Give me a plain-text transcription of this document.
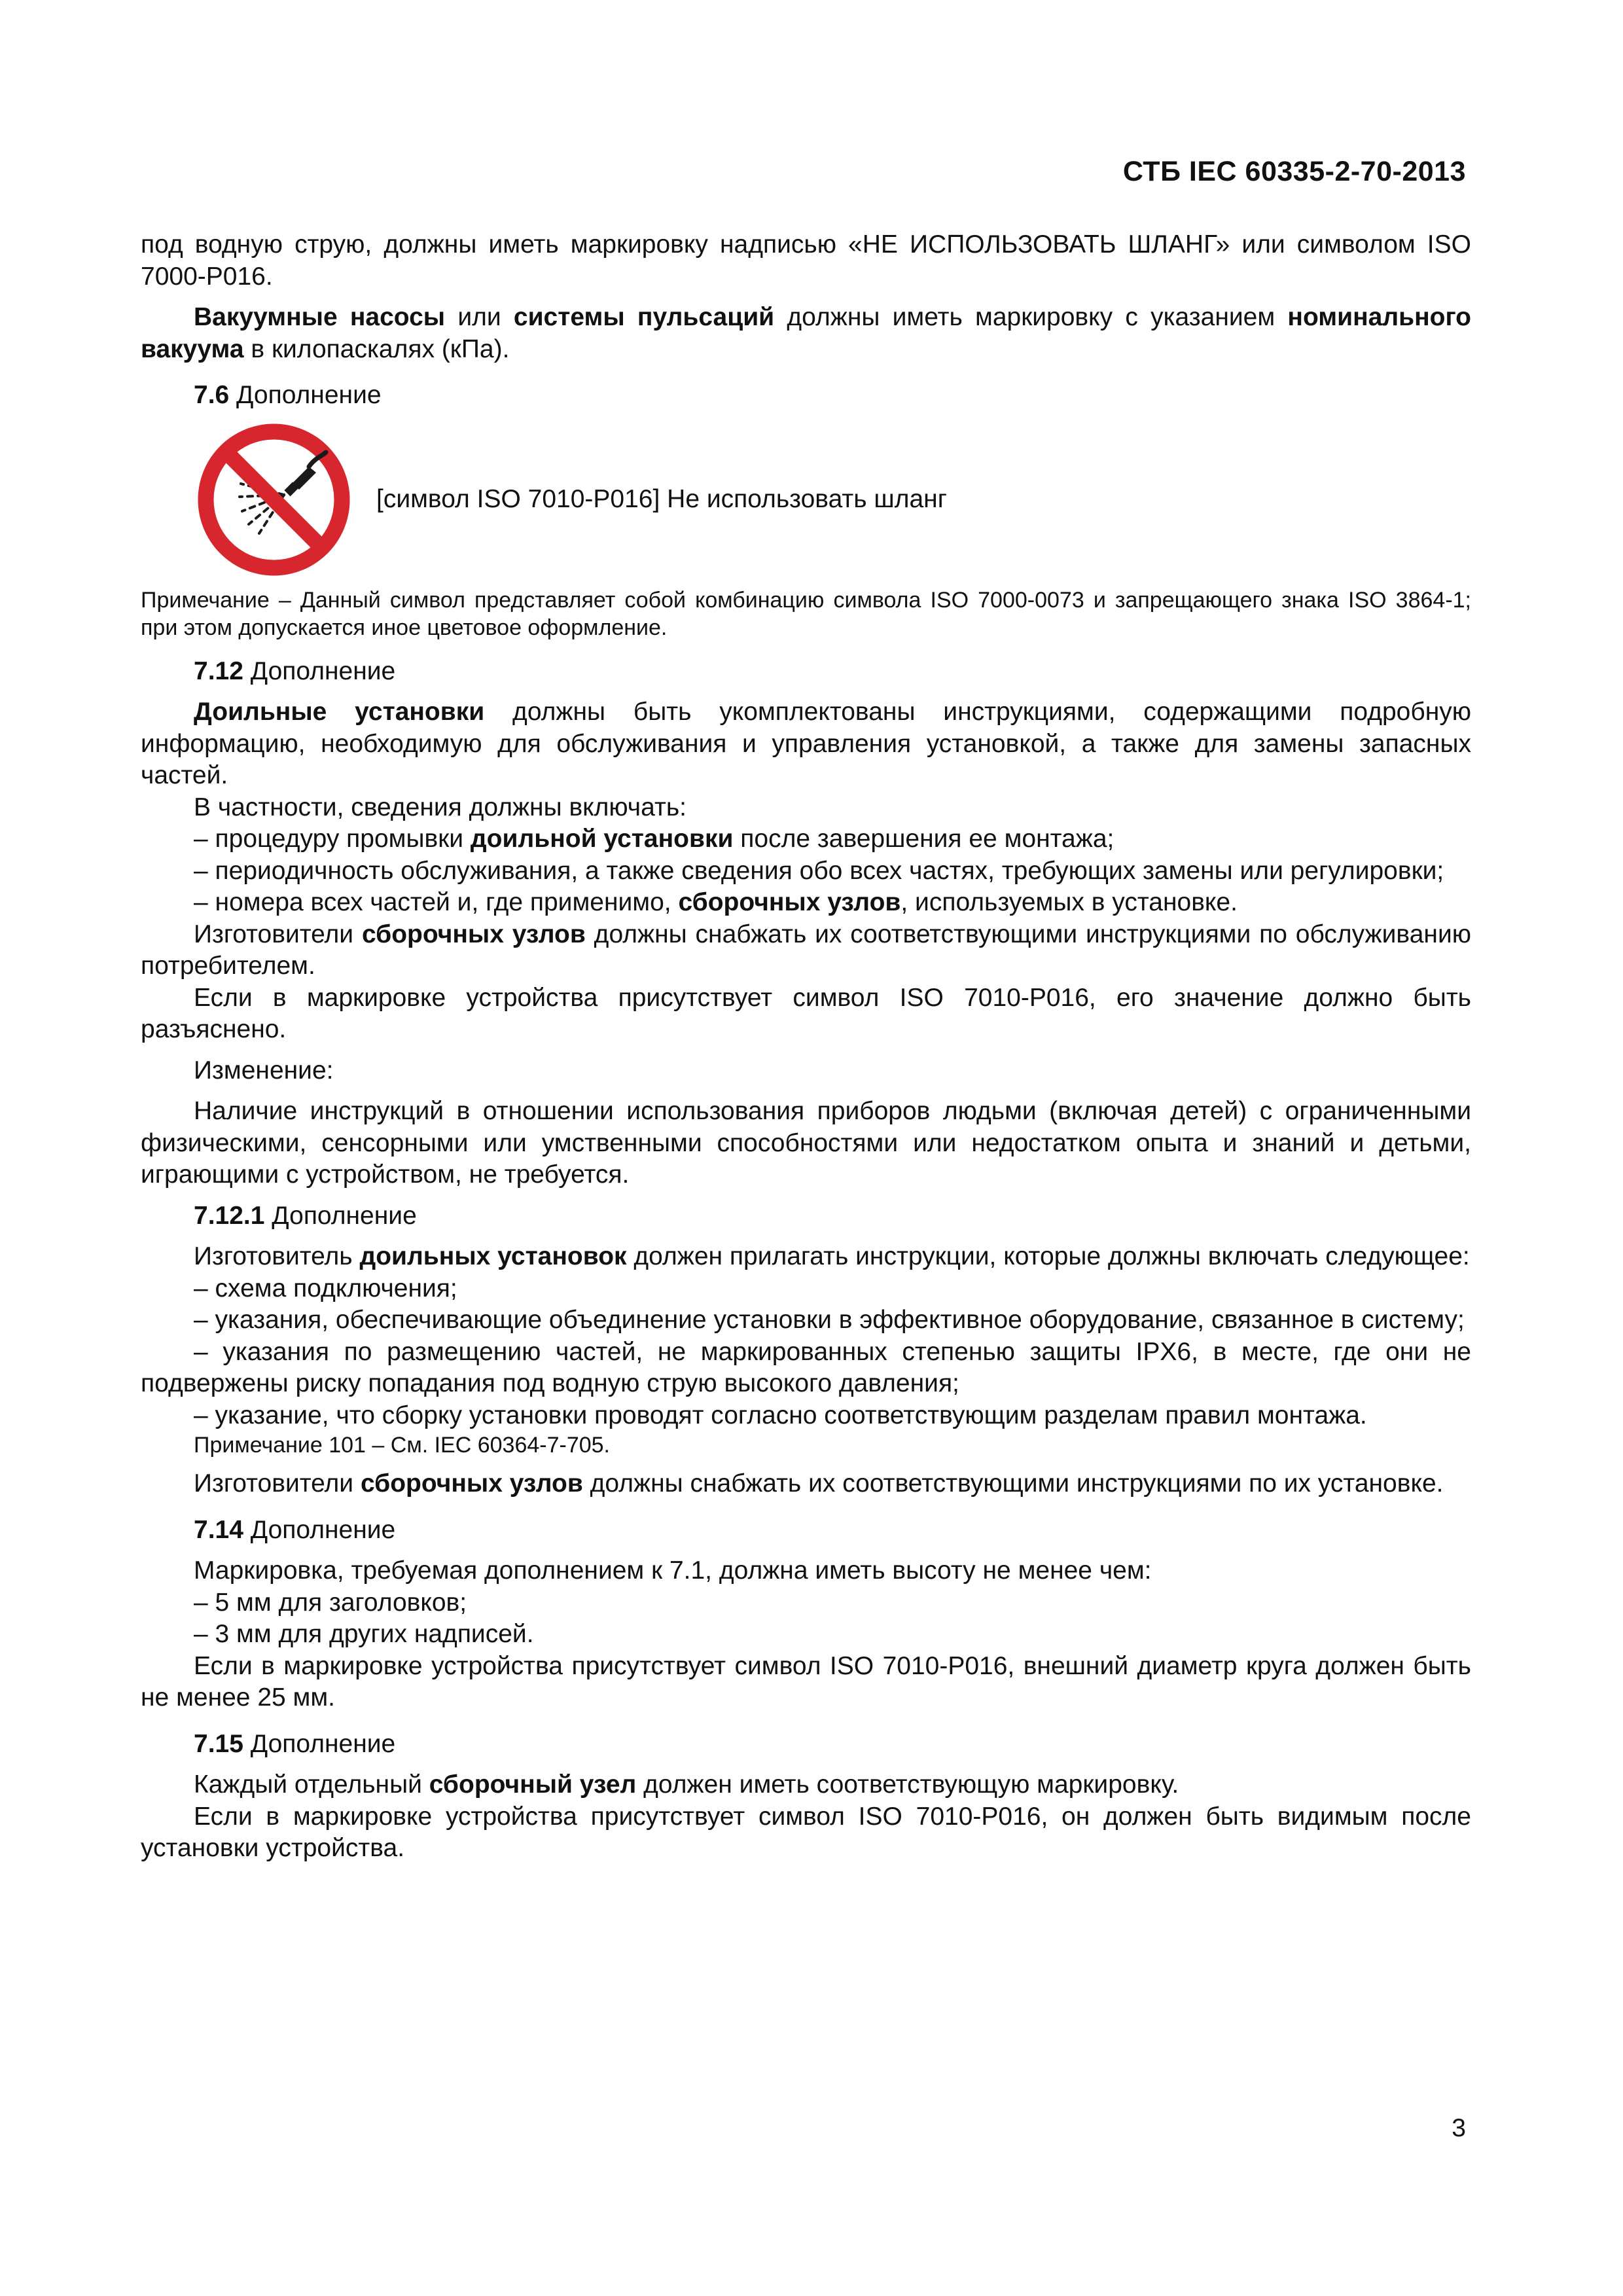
СТБ IEC 60335-2-70-2013

под водную струю, должны иметь маркировку надписью «НЕ ИСПОЛЬЗОВАТЬ ШЛАНГ» или символом ISO 7000-P016.

Вакуумные насосы или системы пульсаций должны иметь маркировку с указанием номинального вакуума в килопаскалях (кПа).

7.6 Дополнение

[символ ISO 7010-P016] Не использовать шланг

Примечание – Данный символ представляет собой комбинацию символа ISO 7000-0073 и запрещающего знака ISO 3864-1; при этом допускается иное цветовое оформление.

7.12 Дополнение

Доильные установки должны быть укомплектованы инструкциями, содержащими подробную информацию, необходимую для обслуживания и управления установкой, а также для замены запасных частей.

В частности, сведения должны включать:

– процедуру промывки доильной установки после завершения ее монтажа;

– периодичность обслуживания, а также сведения обо всех частях, требующих замены или регулировки;

– номера всех частей и, где применимо, сборочных узлов, используемых в установке.

Изготовители сборочных узлов должны снабжать их соответствующими инструкциями по обслуживанию потребителем.

Если в маркировке устройства присутствует символ ISO 7010-P016, его значение должно быть разъяснено.

Изменение:

Наличие инструкций в отношении использования приборов людьми (включая детей) с ограниченными физическими, сенсорными или умственными способностями или недостатком опыта и знаний и детьми, играющими с устройством, не требуется.

7.12.1 Дополнение

Изготовитель доильных установок должен прилагать инструкции, которые должны включать следующее:

– схема подключения;

– указания, обеспечивающие объединение установки в эффективное оборудование, связанное в систему;

– указания по размещению частей, не маркированных степенью защиты IPX6, в месте, где они не подвержены риску попадания под водную струю высокого давления;

– указание, что сборку установки проводят согласно соответствующим разделам правил монтажа.

Примечание 101 – См. IEC 60364-7-705.

Изготовители сборочных узлов должны снабжать их соответствующими инструкциями по их установке.

7.14 Дополнение

Маркировка, требуемая дополнением к 7.1, должна иметь высоту не менее чем:

– 5 мм для заголовков;

– 3 мм для других надписей.

Если в маркировке устройства присутствует символ ISO 7010-P016, внешний диаметр круга должен быть не менее 25 мм.

7.15 Дополнение

Каждый отдельный сборочный узел должен иметь соответствующую маркировку.

Если в маркировке устройства присутствует символ ISO 7010-P016, он должен быть видимым после установки устройства.

3
